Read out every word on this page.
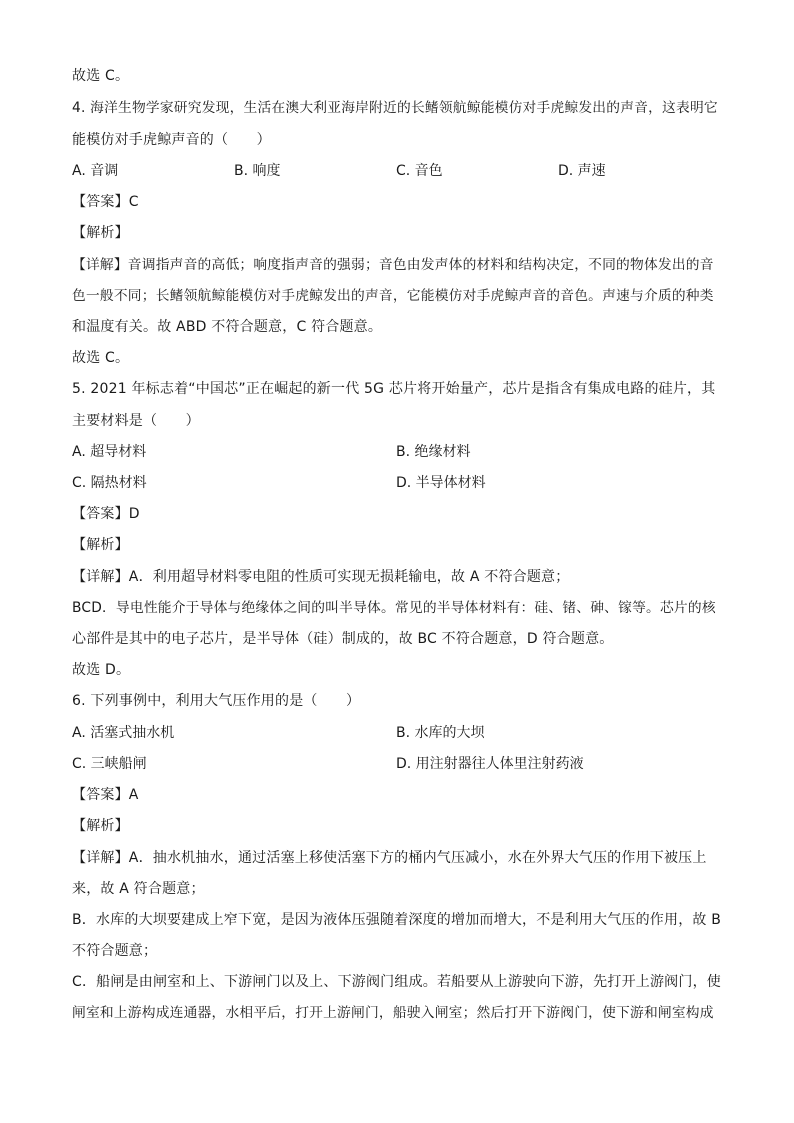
故选 C。
4. 海洋生物学家研究发现，生活在澳大利亚海岸附近的长鳍领航鲸能模仿对手虎鲸发出的声音，这表明它
能模仿对手虎鲸声音的（　　）
A. 音调	B. 响度	C. 音色	D. 声速
【答案】C
【解析】
【详解】音调指声音的高低；响度指声音的强弱；音色由发声体的材料和结构决定，不同的物体发出的音
色一般不同；长鳍领航鲸能模仿对手虎鲸发出的声音，它能模仿对手虎鲸声音的音色。声速与介质的种类
和温度有关。故 ABD 不符合题意，C 符合题意。
故选 C。
5. 2021 年标志着“中国芯”正在崛起的新一代 5G 芯片将开始量产，芯片是指含有集成电路的硅片，其
主要材料是（　　）
A. 超导材料	B. 绝缘材料
C. 隔热材料	D. 半导体材料
【答案】D
【解析】
【详解】A．利用超导材料零电阻的性质可实现无损耗输电，故 A 不符合题意；
BCD．导电性能介于导体与绝缘体之间的叫半导体。常见的半导体材料有：硅、锗、砷、镓等。芯片的核
心部件是其中的电子芯片，是半导体（硅）制成的，故 BC 不符合题意，D 符合题意。
故选 D。
6. 下列事例中，利用大气压作用的是（　　）
A. 活塞式抽水机	B. 水库的大坝
C. 三峡船闸	D. 用注射器往人体里注射药液
【答案】A
【解析】
【详解】A．抽水机抽水，通过活塞上移使活塞下方的桶内气压减小，水在外界大气压的作用下被压上
来，故 A 符合题意；
B．水库的大坝要建成上窄下宽，是因为液体压强随着深度的增加而增大，不是利用大气压的作用，故 B
不符合题意；
C．船闸是由闸室和上、下游闸门以及上、下游阀门组成。若船要从上游驶向下游，先打开上游阀门，使
闸室和上游构成连通器，水相平后，打开上游闸门，船驶入闸室；然后打开下游阀门，使下游和闸室构成
